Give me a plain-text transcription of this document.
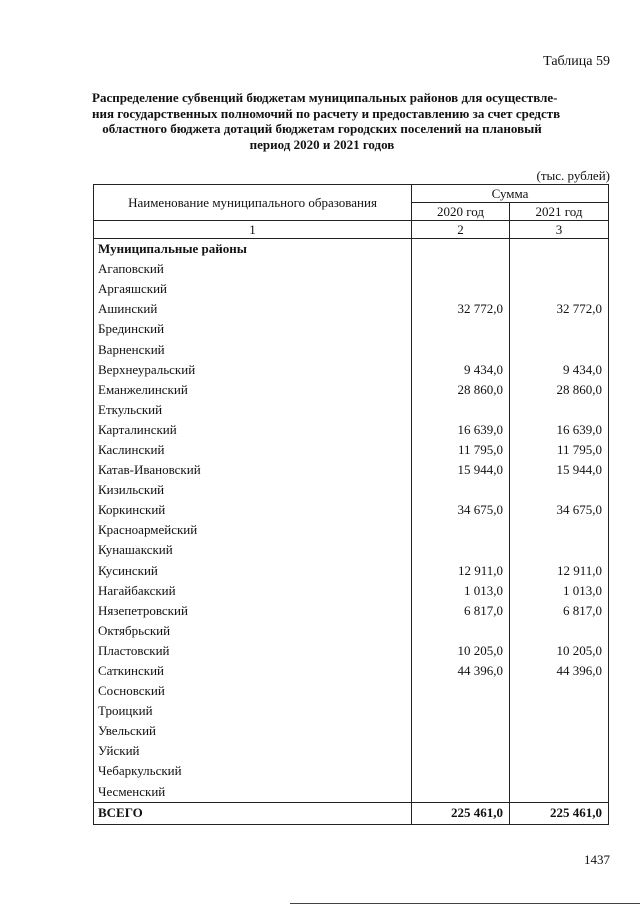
Таблица 59
Распределение субвенций бюджетам муниципальных районов для осуществле-
ния государственных полномочий по расчету и предоставлению за счет средств
областного бюджета дотаций бюджетам городских поселений на плановый
период 2020 и 2021 годов
(тыс. рублей)
Наименование муниципального образования	Сумма	
	2020 год	2021 год
1	2	3
Муниципальные районы		
Агаповский		
Аргаяшский		
Ашинский	32 772,0	32 772,0
Брединский		
Варненский		
Верхнеуральский	9 434,0	9 434,0
Еманжелинский	28 860,0	28 860,0
Еткульский		
Карталинский	16 639,0	16 639,0
Каслинский	11 795,0	11 795,0
Катав-Ивановский	15 944,0	15 944,0
Кизильский		
Коркинский	34 675,0	34 675,0
Красноармейский		
Кунашакский		
Кусинский	12 911,0	12 911,0
Нагайбакский	1 013,0	1 013,0
Нязепетровский	6 817,0	6 817,0
Октябрьский		
Пластовский	10 205,0	10 205,0
Саткинский	44 396,0	44 396,0
Сосновский		
Троицкий		
Увельский		
Уйский		
Чебаркульский		
Чесменский		
ВСЕГО	225 461,0	225 461,0
1437
